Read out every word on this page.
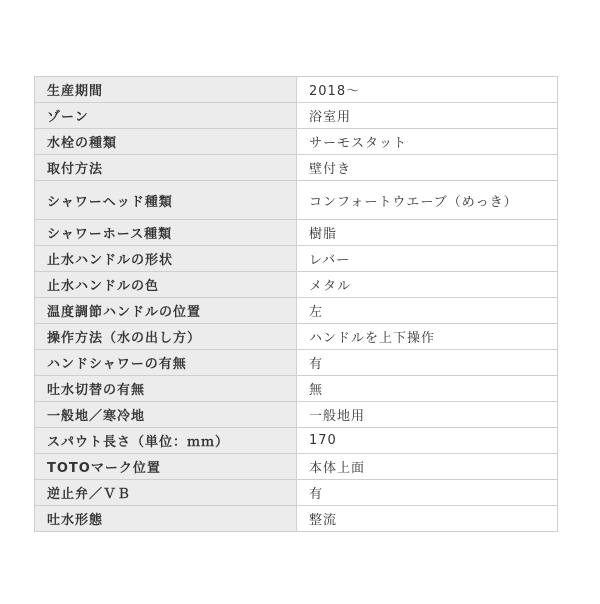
生産期間	2018～
ゾーン	浴室用
水栓の種類	サーモスタット
取付方法	壁付き
シャワーヘッド種類	コンフォートウエーブ（めっき）
シャワーホース種類	樹脂
止水ハンドルの形状	レバー
止水ハンドルの色	メタル
温度調節ハンドルの位置	左
操作方法（水の出し方）	ハンドルを上下操作
ハンドシャワーの有無	有
吐水切替の有無	無
一般地／寒冷地	一般地用
スパウト長さ（単位：ｍｍ）	170
TOTOマーク位置	本体上面
逆止弁／ＶＢ	有
吐水形態	整流
